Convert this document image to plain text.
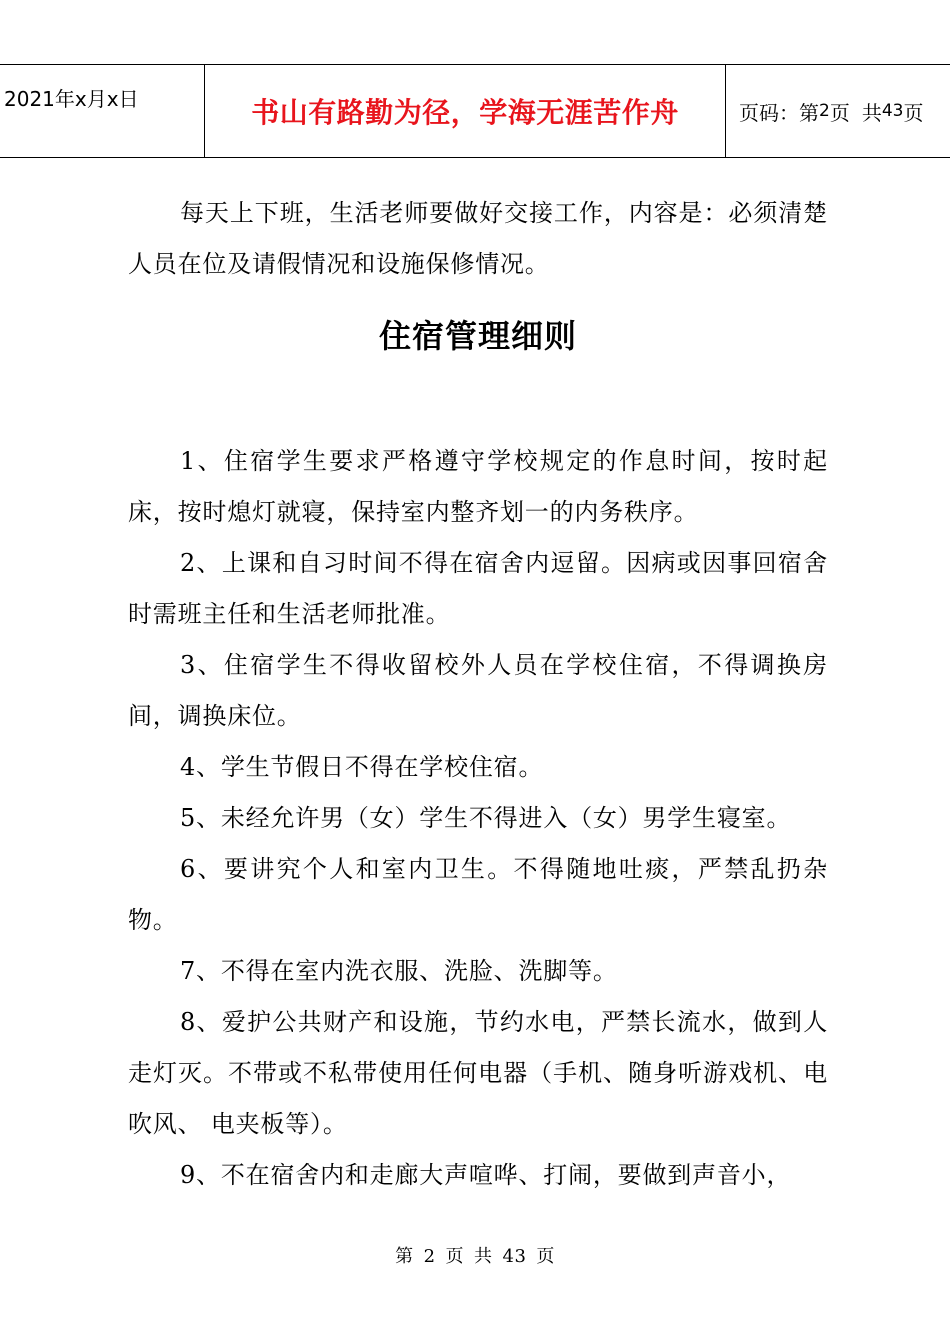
2021年x月x日	书山有路勤为径，学海无涯苦作舟	页码：第 2 页 共 43 页

每天上下班，生活老师要做好交接工作，内容是：必须清楚人员在位及请假情况和设施保修情况。

住宿管理细则

1、住宿学生要求严格遵守学校规定的作息时间，按时起床，按时熄灯就寝，保持室内整齐划一的内务秩序。

2、上课和自习时间不得在宿舍内逗留。因病或因事回宿舍时需班主任和生活老师批准。

3、住宿学生不得收留校外人员在学校住宿，不得调换房间，调换床位。

4、学生节假日不得在学校住宿。

5、未经允许男（女）学生不得进入（女）男学生寝室。

6、要讲究个人和室内卫生。不得随地吐痰，严禁乱扔杂物。

7、不得在室内洗衣服、洗脸、洗脚等。

8、爱护公共财产和设施，节约水电，严禁长流水，做到人走灯灭。不带或不私带使用任何电器（手机、随身听游戏机、电吹风、 电夹板等）。

9、不在宿舍内和走廊大声喧哗、打闹，要做到声音小，

第 2 页 共 43 页
